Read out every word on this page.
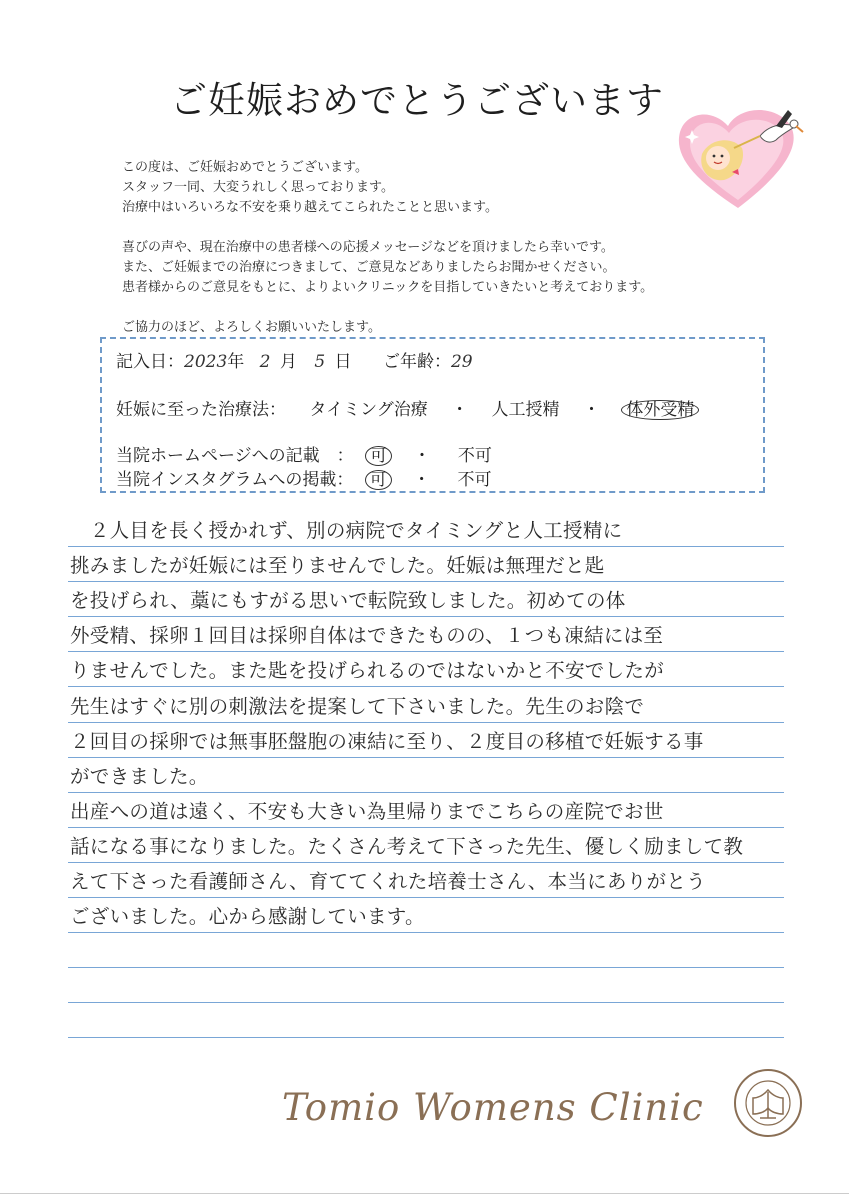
ご妊娠おめでとうございます

この度は、ご妊娠おめでとうございます。

スタッフ一同、大変うれしく思っております。

治療中はいろいろな不安を乗り越えてこられたことと思います。

喜びの声や、現在治療中の患者様への応援メッセージなどを頂けましたら幸いです。

また、ご妊娠までの治療につきまして、ご意見などありましたらお聞かせください。

患者様からのご意見をもとに、よりよいクリニックを目指していきたいと考えております。

ご協力のほど、よろしくお願いいたします。

記入日：2023年 2 月 5 日 ご年齢：29
妊娠に至った治療法： タイミング治療 ・ 人工授精 ・ 体外受精
当院ホームページへの記載　： 可 ・ 不可
当院インスタグラムへの掲載： 可 ・ 不可
　２人目を長く授かれず、別の病院でタイミングと人工授精に
挑みましたが妊娠には至りませんでした。妊娠は無理だと匙
を投げられ、藁にもすがる思いで転院致しました。初めての体
外受精、採卵１回目は採卵自体はできたものの、１つも凍結には至
りませんでした。また匙を投げられるのではないかと不安でしたが
先生はすぐに別の刺激法を提案して下さいました。先生のお陰で
２回目の採卵では無事胚盤胞の凍結に至り、２度目の移植で妊娠する事
ができました。
出産への道は遠く、不安も大きい為里帰りまでこちらの産院でお世
話になる事になりました。たくさん考えて下さった先生、優しく励まして教
えて下さった看護師さん、育ててくれた培養士さん、本当にありがとう
ございました。心から感謝しています。
Tomio Womens Clinic
